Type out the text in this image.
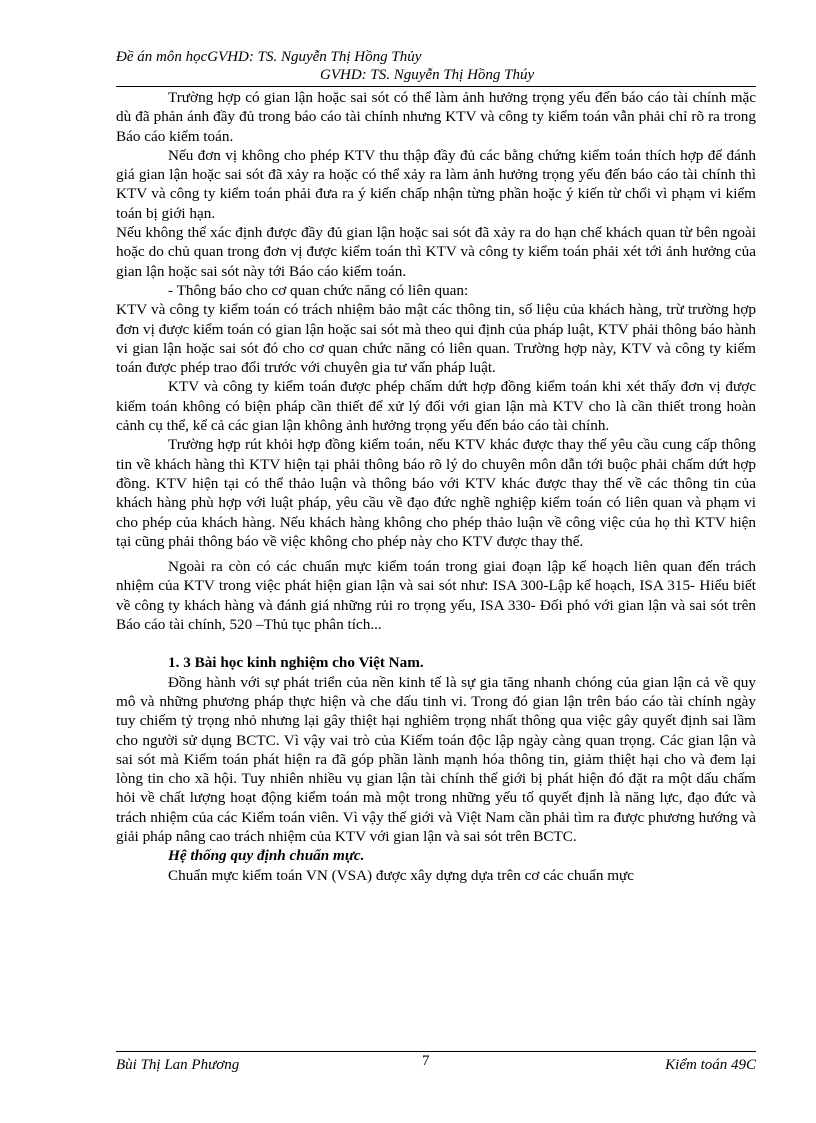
Đề án môn họcGVHD: TS. Nguyễn Thị Hồng Thủy
GVHD: TS. Nguyễn Thị Hồng Thúy

Trường hợp có gian lận hoặc sai sót có thể làm ảnh hưởng trọng yếu đến báo cáo tài chính mặc dù đã phản ánh đầy đủ trong báo cáo tài chính nhưng KTV và công ty kiểm toán vẫn phải chỉ rõ ra trong Báo cáo kiểm toán.

Nếu đơn vị không cho phép KTV thu thập đầy đủ các bằng chứng kiểm toán thích hợp để đánh giá gian lận hoặc sai sót đã xảy ra hoặc có thể xảy ra làm ảnh hưởng trọng yếu đến báo cáo tài chính thì KTV và công ty kiểm toán phải đưa ra ý kiến chấp nhận từng phần hoặc ý kiến từ chối vì phạm vi kiểm toán bị giới hạn.

Nếu không thể xác định được đầy đủ gian lận hoặc sai sót đã xảy ra do hạn chế khách quan từ bên ngoài hoặc do chủ quan trong đơn vị được kiểm toán thì KTV và công ty kiểm toán phải xét tới ảnh hưởng của gian lận hoặc sai sót này tới Báo cáo kiểm toán.

- Thông báo cho cơ quan chức năng có liên quan:

KTV và công ty kiểm toán có trách nhiệm bảo mật các thông tin, số liệu của khách hàng, trừ trường hợp đơn vị được kiểm toán có gian lận hoặc sai sót mà theo qui định của pháp luật, KTV phải thông báo hành vi gian lận hoặc sai sót đó cho cơ quan chức năng có liên quan. Trường hợp này, KTV và công ty kiểm toán được phép trao đổi trước với chuyên gia tư vấn pháp luật.

KTV và công ty kiểm toán được phép chấm dứt hợp đồng kiểm toán khi xét thấy đơn vị được kiểm toán không có biện pháp cần thiết để xử lý đối với gian lận mà KTV cho là cần thiết trong hoàn cảnh cụ thể, kể cả các gian lận không ảnh hưởng trọng yếu đến báo cáo tài chính.

Trường hợp rút khỏi hợp đồng kiểm toán, nếu KTV khác được thay thế yêu cầu cung cấp thông tin về khách hàng thì KTV hiện tại phải thông báo rõ lý do chuyên môn dẫn tới buộc phải chấm dứt hợp đồng. KTV hiện tại có thể thảo luận và thông báo với KTV khác được thay thế về các thông tin của khách hàng phù hợp với luật pháp, yêu cầu về đạo đức nghề nghiệp kiểm toán có liên quan và phạm vi cho phép của khách hàng. Nếu khách hàng không cho phép thảo luận về công việc của họ thì KTV hiện tại cũng phải thông báo về việc không cho phép này cho KTV được thay thế.

Ngoài ra còn có các chuẩn mực kiểm toán trong giai đoạn lập kế hoạch liên quan đến trách nhiệm của KTV trong việc phát hiện gian lận và sai sót như: ISA 300-Lập kế hoạch, ISA 315- Hiểu biết về công ty khách hàng và đánh giá những rủi ro trọng yếu, ISA 330- Đối phó với gian lận và sai sót trên Báo cáo tài chính, 520 –Thủ tục phân tích...

1. 3 Bài học kinh nghiệm cho Việt Nam.

Đồng hành với sự phát triển của nền kinh tế là sự gia tăng nhanh chóng của gian lận cả về quy mô và những phương pháp thực hiện và che dấu tinh vi. Trong đó gian lận trên báo cáo tài chính ngày tuy chiếm tỷ trọng nhỏ nhưng lại gây thiệt hại nghiêm trọng nhất thông qua việc gây quyết định sai lầm cho người sử dụng BCTC. Vì vậy vai trò của Kiểm toán độc lập ngày càng quan trọng. Các gian lận và sai sót mà Kiểm toán phát hiện ra đã góp phần lành mạnh hóa thông tin, giảm thiệt hại cho và đem lại lòng tin cho xã hội. Tuy nhiên nhiều vụ gian lận tài chính thế giới bị phát hiện đó đặt ra một dấu chấm hỏi về chất lượng hoạt động kiểm toán mà một trong những yếu tố quyết định là năng lực, đạo đức và trách nhiệm của các Kiểm toán viên. Vì vậy thế giới và Việt Nam cần phải tìm ra được phương hướng và giải pháp nâng cao trách nhiệm của KTV với gian lận và sai sót trên BCTC.

Hệ thống quy định chuẩn mực.

Chuẩn mực kiểm toán VN (VSA) được xây dựng dựa trên cơ các chuẩn mực

Bùi Thị Lan Phương	7	Kiểm toán 49C
